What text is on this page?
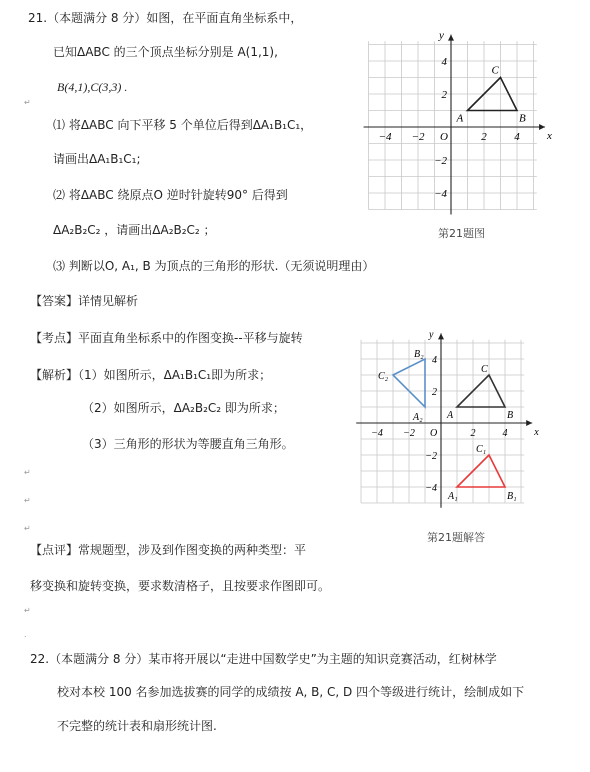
21.（本题满分 8 分）如图，在平面直角坐标系中，
已知ΔABC 的三个顶点坐标分别是 A(1,1),
B(4,1),C(3,3) .
↵
⑴ 将ΔABC 向下平移 5 个单位后得到ΔA₁B₁C₁，
请画出ΔA₁B₁C₁;
⑵ 将ΔABC 绕原点O 逆时针旋转90° 后得到
ΔA₂B₂C₂ ，请画出ΔA₂B₂C₂ ；
⑶ 判断以O, A₁, B 为顶点的三角形的形状.（无须说明理由）
【答案】详情见解析
【考点】平面直角坐标系中的作图变换--平移与旋转
【解析】（1）如图所示，ΔA₁B₁C₁即为所求；
（2）如图所示，ΔA₂B₂C₂ 即为所求；
（3）三角形的形状为等腰直角三角形。
↵
↵
↵
【点评】常规题型，涉及到作图变换的两种类型：平
移变换和旋转变换，要求数清格子，且按要求作图即可。
↵
.
22.（本题满分 8 分）某市将开展以“走进中国数学史”为主题的知识竞赛活动，红树林学
校对本校 100 名参加选拔赛的同学的成绩按 A, B, C, D 四个等级进行统计，绘制成如下
不完整的统计表和扇形统计图.
x
y
O
−4 −2	2	4
4
2
−2
−4
A	B
C
第21题图
x
y
O
−4 −2	2	4
4
2
−2
−4
A	B
C
A₁	B₁
C₁
A₂
B₂
C₂
第21题解答
